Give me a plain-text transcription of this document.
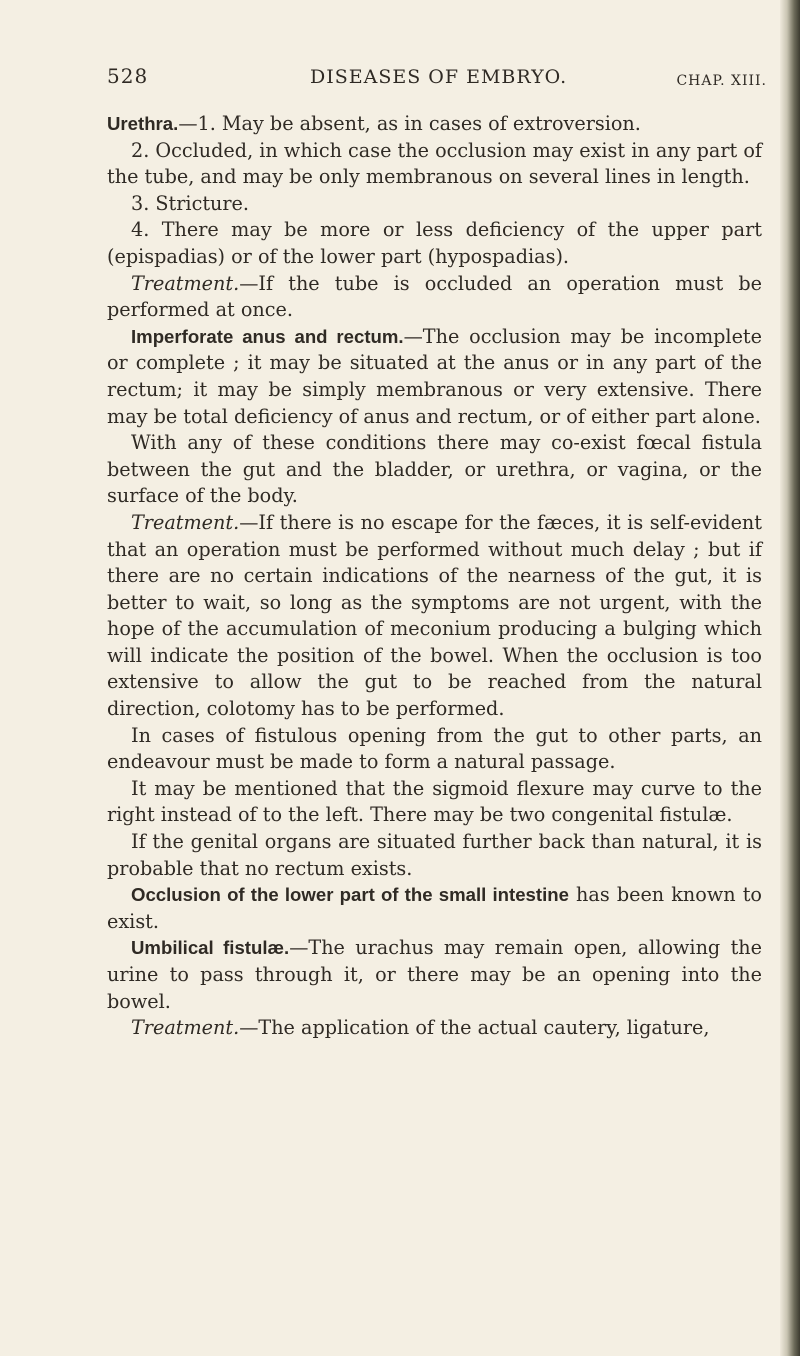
528	DISEASES OF EMBRYO.	CHAP. XIII.

Urethra.—1. May be absent, as in cases of extroversion.

2. Occluded, in which case the occlusion may exist in any part of the tube, and may be only membranous on several lines in length.

3. Stricture.

4. There may be more or less deficiency of the upper part (epispadias) or of the lower part (hypospadias).

Treatment.—If the tube is occluded an operation must be performed at once.

Imperforate anus and rectum.—The occlusion may be incomplete or complete ; it may be situated at the anus or in any part of the rectum; it may be simply membranous or very extensive. There may be total deficiency of anus and rectum, or of either part alone.

With any of these conditions there may co-exist fœcal fistula between the gut and the bladder, or urethra, or vagina, or the surface of the body.

Treatment.—If there is no escape for the fæces, it is self-evident that an operation must be performed without much delay ; but if there are no certain indications of the nearness of the gut, it is better to wait, so long as the symptoms are not urgent, with the hope of the accumulation of meconium producing a bulging which will indicate the position of the bowel. When the occlusion is too extensive to allow the gut to be reached from the natural direction, colotomy has to be performed.

In cases of fistulous opening from the gut to other parts, an endeavour must be made to form a natural passage.

It may be mentioned that the sigmoid flexure may curve to the right instead of to the left. There may be two congenital fistulæ.

If the genital organs are situated further back than natural, it is probable that no rectum exists.

Occlusion of the lower part of the small intestine has been known to exist.

Umbilical fistulæ.—The urachus may remain open, allowing the urine to pass through it, or there may be an opening into the bowel.

Treatment.—The application of the actual cautery, ligature,
